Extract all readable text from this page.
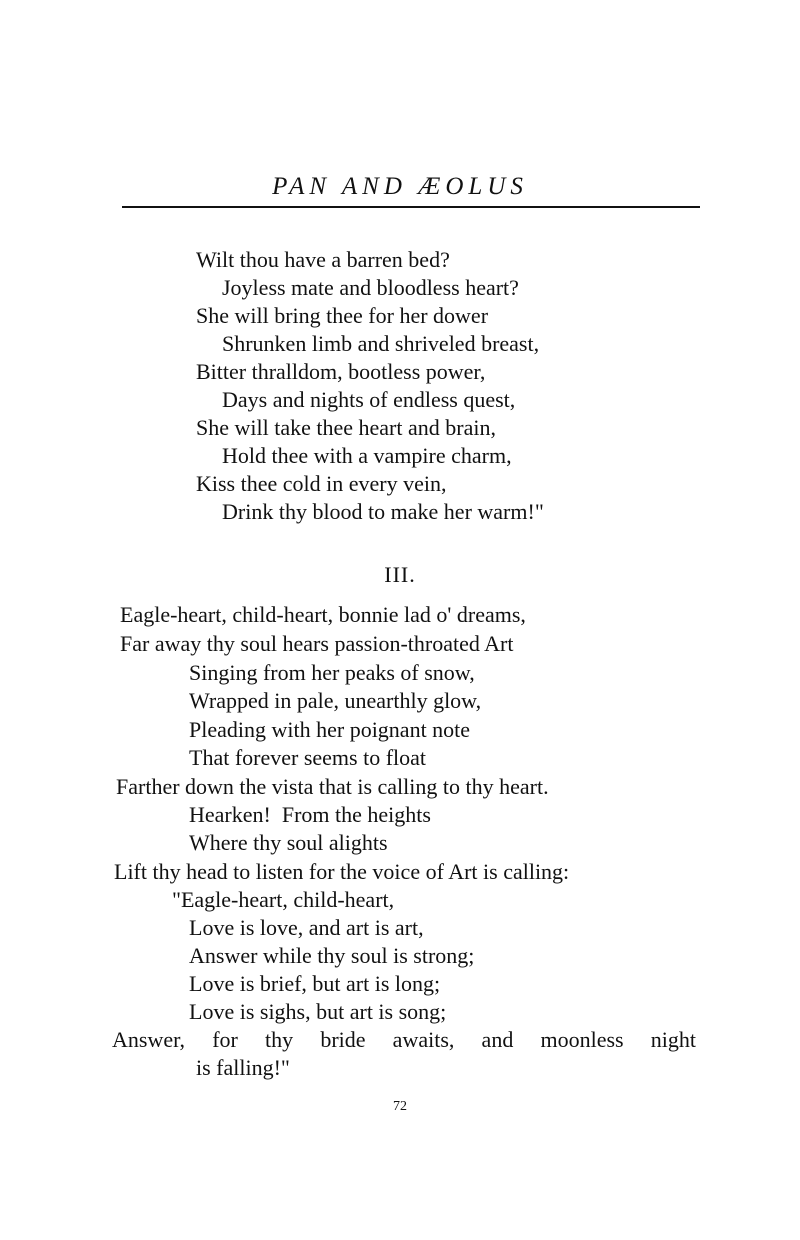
PAN AND ÆOLUS
Wilt thou have a barren bed?
Joyless mate and bloodless heart?
She will bring thee for her dower
Shrunken limb and shriveled breast,
Bitter thralldom, bootless power,
Days and nights of endless quest,
She will take thee heart and brain,
Hold thee with a vampire charm,
Kiss thee cold in every vein,
Drink thy blood to make her warm!"
III.
Eagle-heart, child-heart, bonnie lad o' dreams,
Far away thy soul hears passion-throated Art
Singing from her peaks of snow,
Wrapped in pale, unearthly glow,
Pleading with her poignant note
That forever seems to float
Farther down the vista that is calling to thy heart.
Hearken!  From the heights
Where thy soul alights
Lift thy head to listen for the voice of Art is calling:
"Eagle-heart, child-heart,
Love is love, and art is art,
Answer while thy soul is strong;
Love is brief, but art is long;
Love is sighs, but art is song;
Answer, for thy bride awaits, and moonless night
is falling!"
72
